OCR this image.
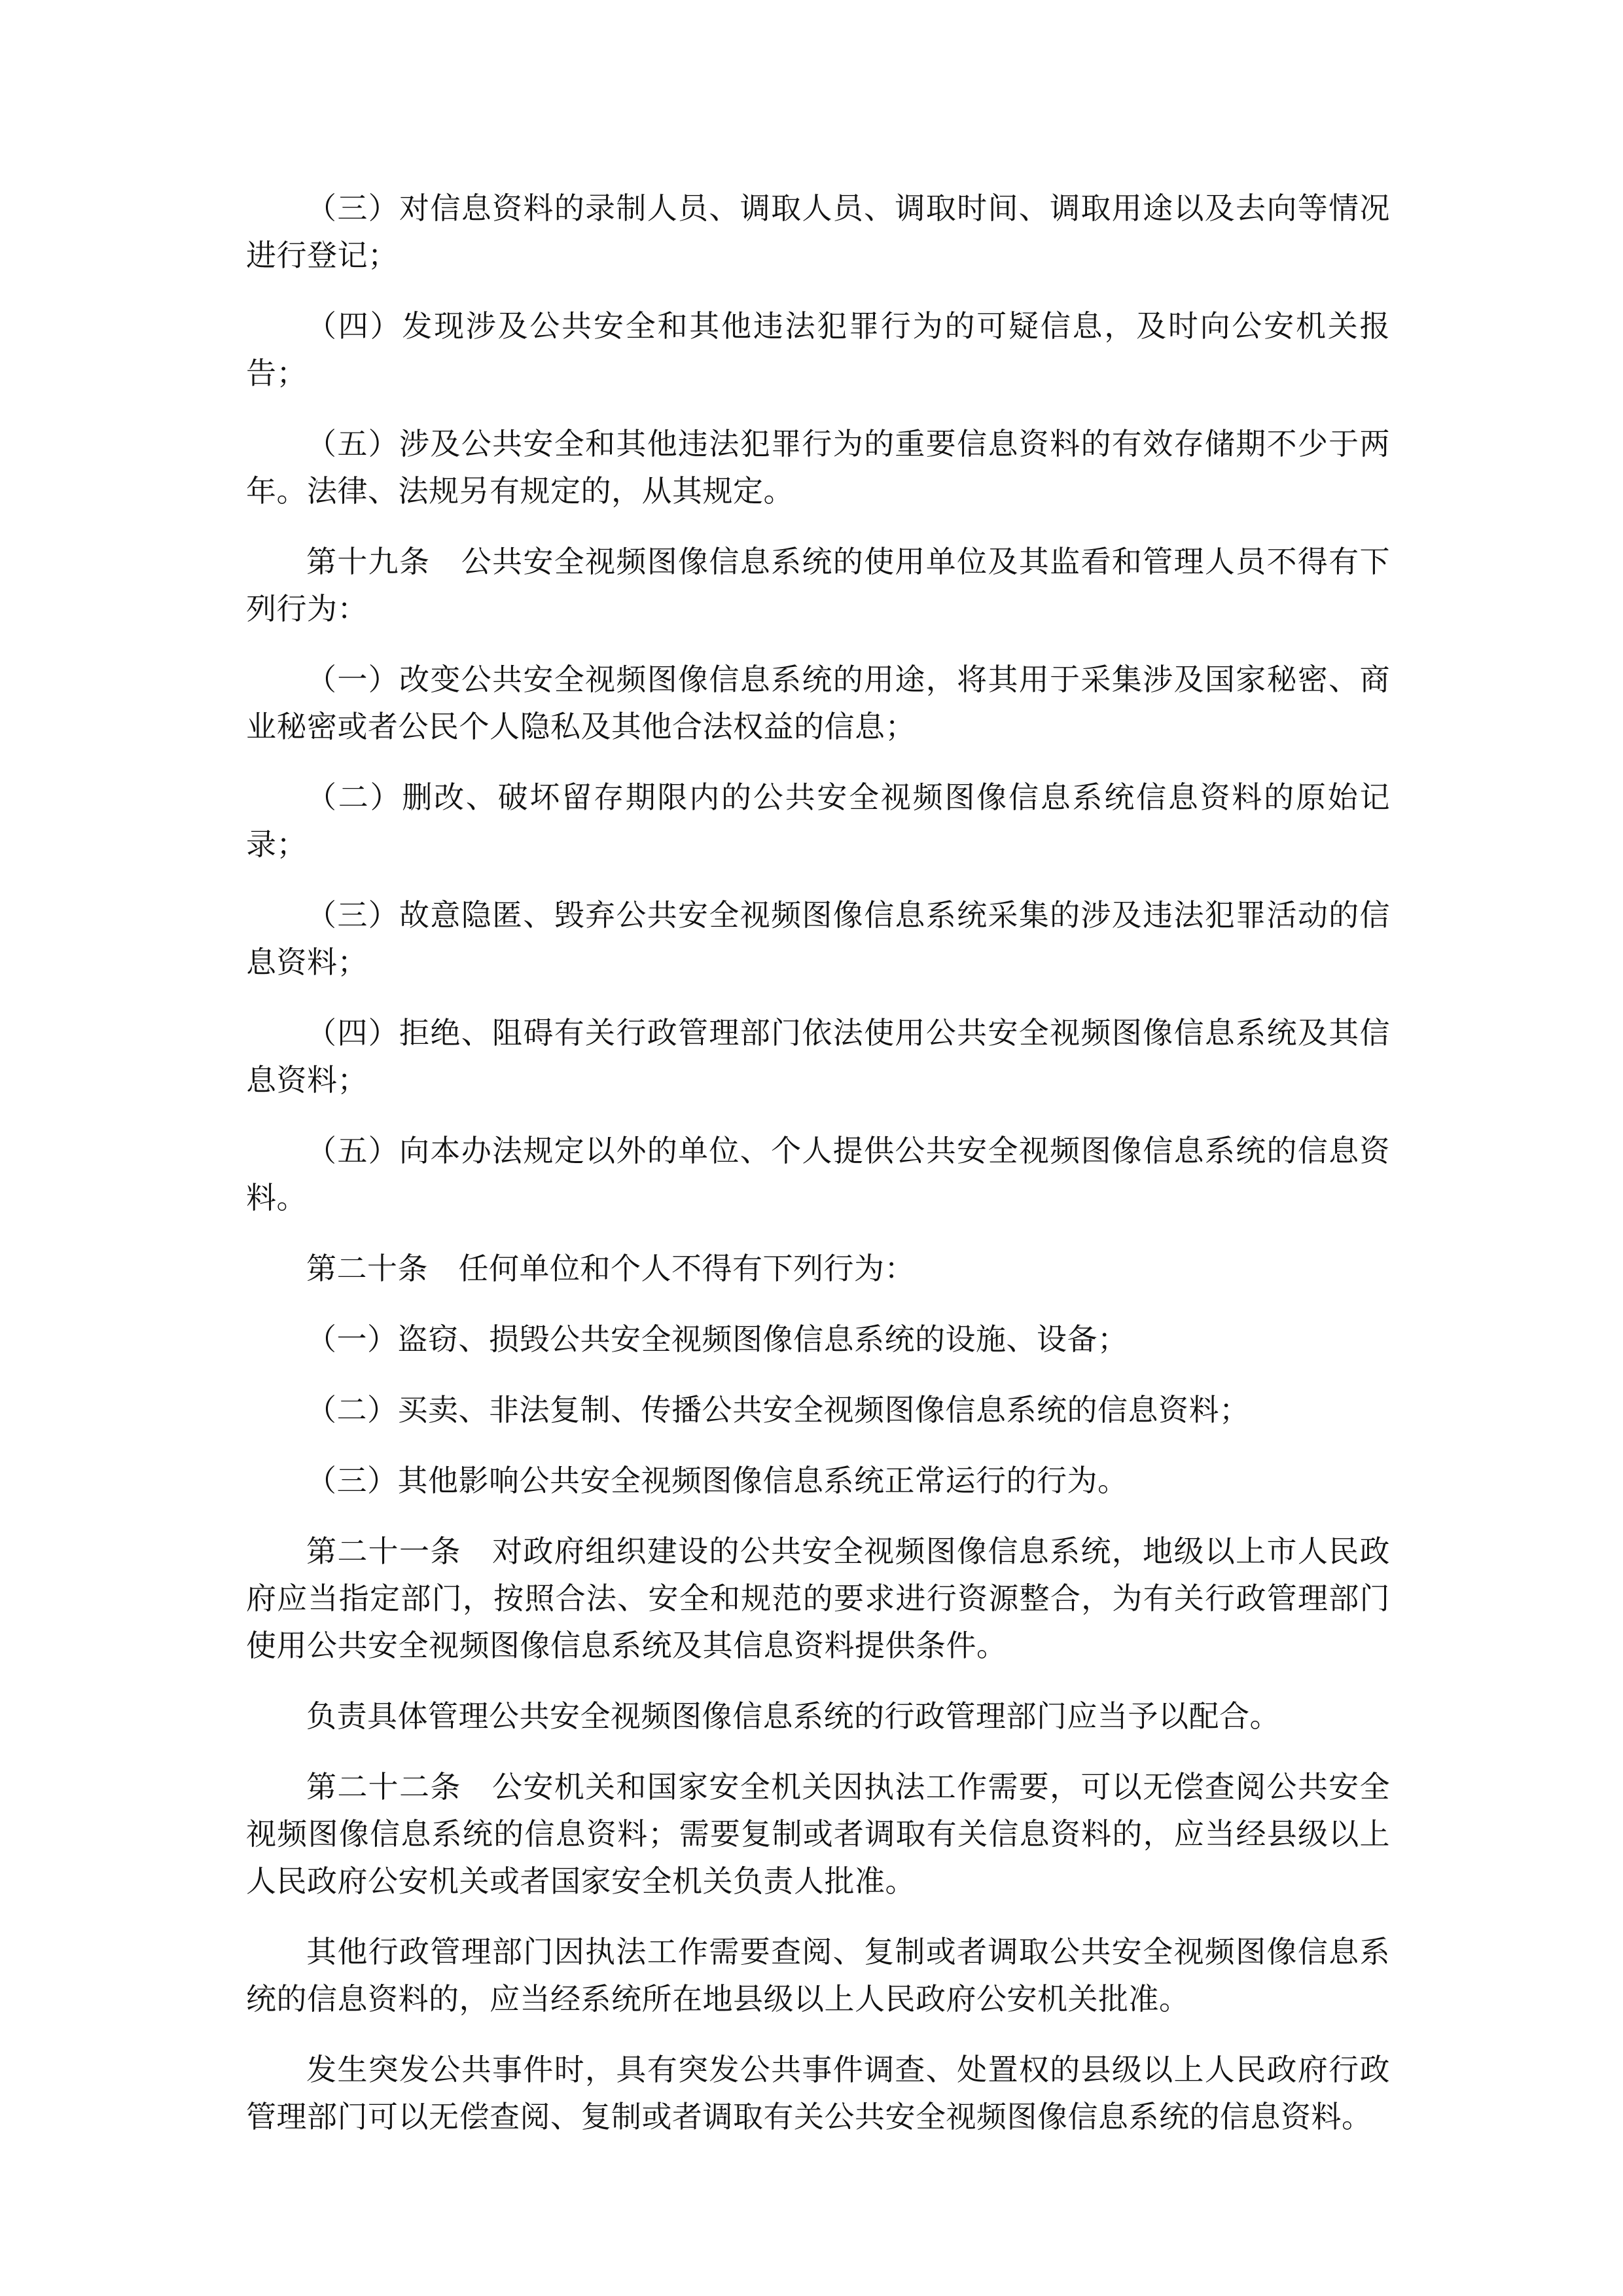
（三）对信息资料的录制人员、调取人员、调取时间、调取用途以及去向等情况进行登记；

（四）发现涉及公共安全和其他违法犯罪行为的可疑信息，及时向公安机关报告；

（五）涉及公共安全和其他违法犯罪行为的重要信息资料的有效存储期不少于两年。法律、法规另有规定的，从其规定。

第十九条　公共安全视频图像信息系统的使用单位及其监看和管理人员不得有下列行为：

（一）改变公共安全视频图像信息系统的用途，将其用于采集涉及国家秘密、商业秘密或者公民个人隐私及其他合法权益的信息；

（二）删改、破坏留存期限内的公共安全视频图像信息系统信息资料的原始记录；

（三）故意隐匿、毁弃公共安全视频图像信息系统采集的涉及违法犯罪活动的信息资料；

（四）拒绝、阻碍有关行政管理部门依法使用公共安全视频图像信息系统及其信息资料；

（五）向本办法规定以外的单位、个人提供公共安全视频图像信息系统的信息资料。

第二十条　任何单位和个人不得有下列行为：

（一）盗窃、损毁公共安全视频图像信息系统的设施、设备；

（二）买卖、非法复制、传播公共安全视频图像信息系统的信息资料；

（三）其他影响公共安全视频图像信息系统正常运行的行为。

第二十一条　对政府组织建设的公共安全视频图像信息系统，地级以上市人民政府应当指定部门，按照合法、安全和规范的要求进行资源整合，为有关行政管理部门使用公共安全视频图像信息系统及其信息资料提供条件。

负责具体管理公共安全视频图像信息系统的行政管理部门应当予以配合。

第二十二条　公安机关和国家安全机关因执法工作需要，可以无偿查阅公共安全视频图像信息系统的信息资料；需要复制或者调取有关信息资料的，应当经县级以上人民政府公安机关或者国家安全机关负责人批准。

其他行政管理部门因执法工作需要查阅、复制或者调取公共安全视频图像信息系统的信息资料的，应当经系统所在地县级以上人民政府公安机关批准。

发生突发公共事件时，具有突发公共事件调查、处置权的县级以上人民政府行政管理部门可以无偿查阅、复制或者调取有关公共安全视频图像信息系统的信息资料。
